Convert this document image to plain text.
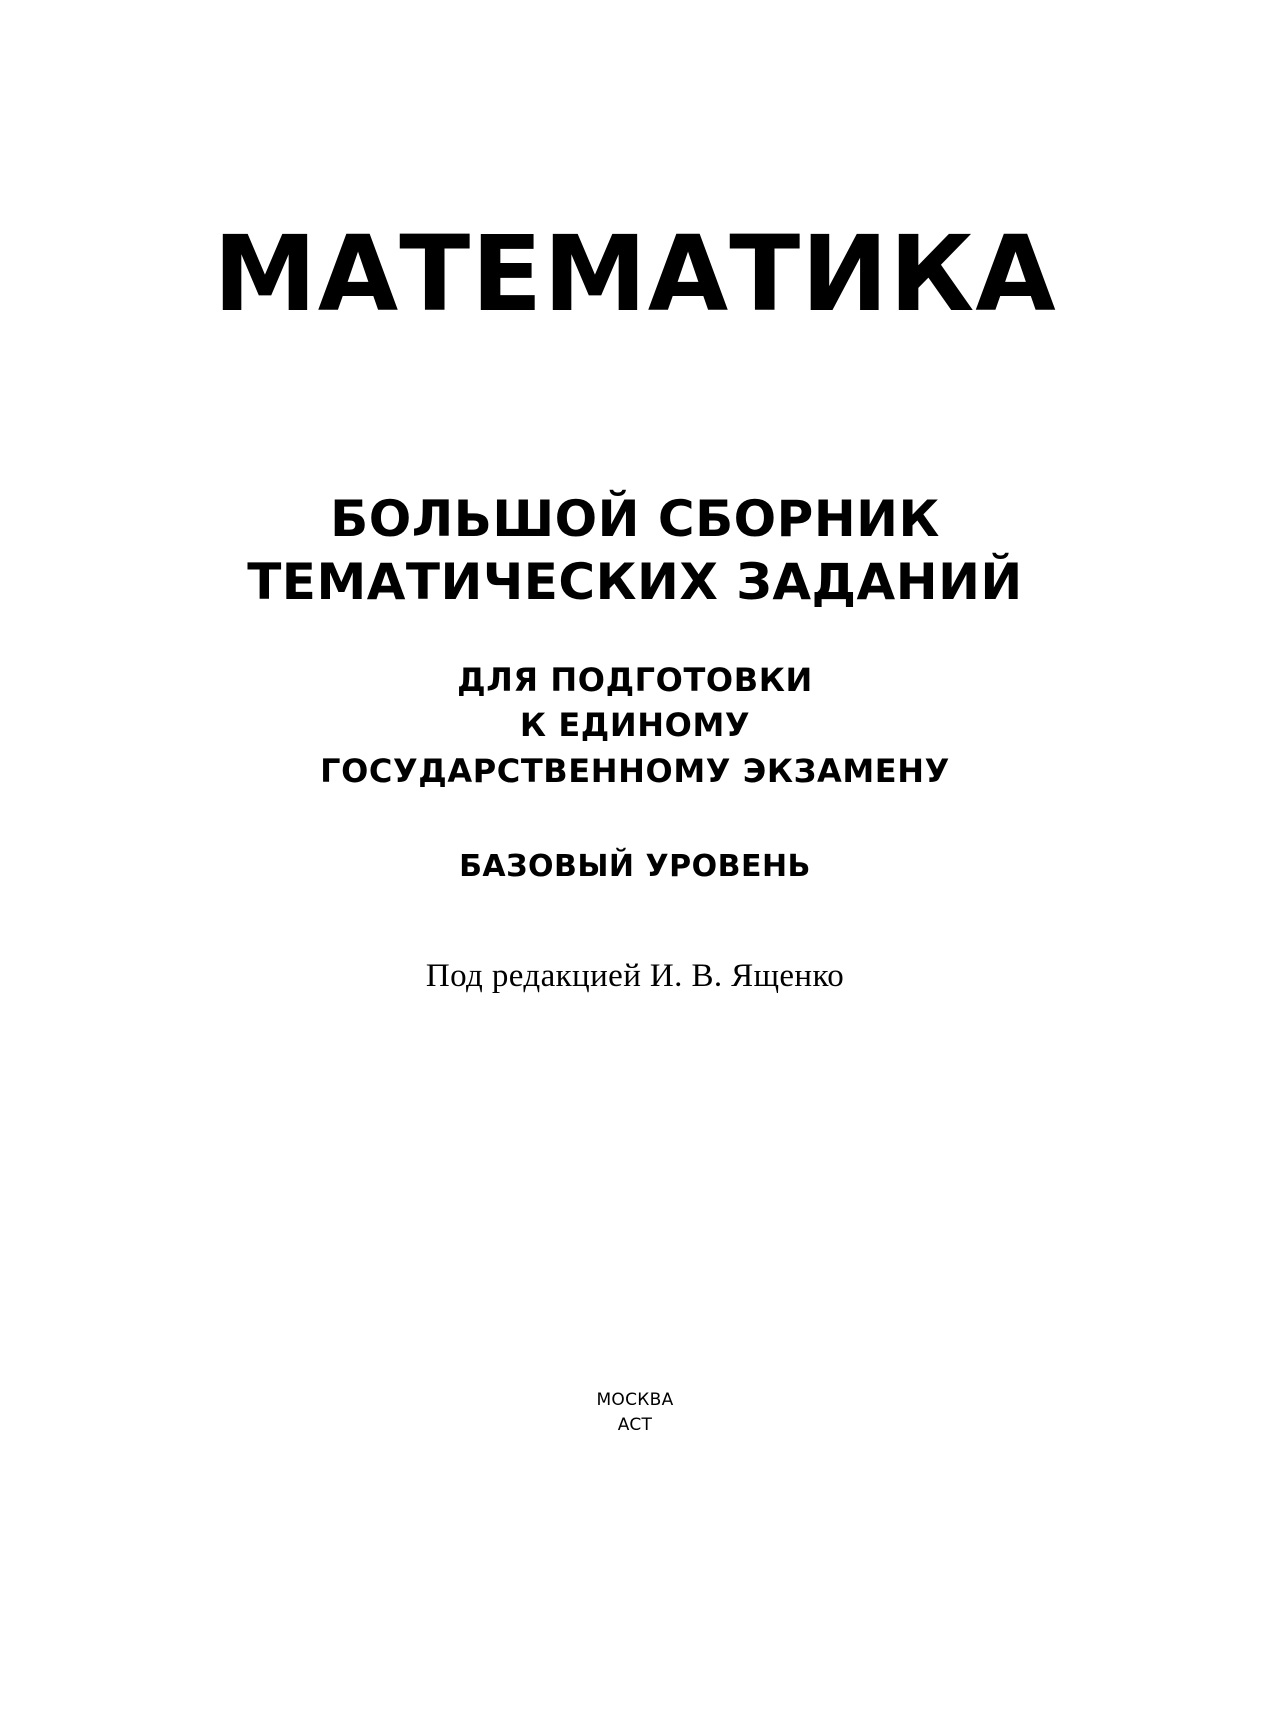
МАТЕМАТИКА
БОЛЬШОЙ СБОРНИК
ТЕМАТИЧЕСКИХ ЗАДАНИЙ
ДЛЯ ПОДГОТОВКИ
К ЕДИНОМУ
ГОСУДАРСТВЕННОМУ ЭКЗАМЕНУ
БАЗОВЫЙ УРОВЕНЬ
Под редакцией И. В. Ященко
МОСКВА
ACT
